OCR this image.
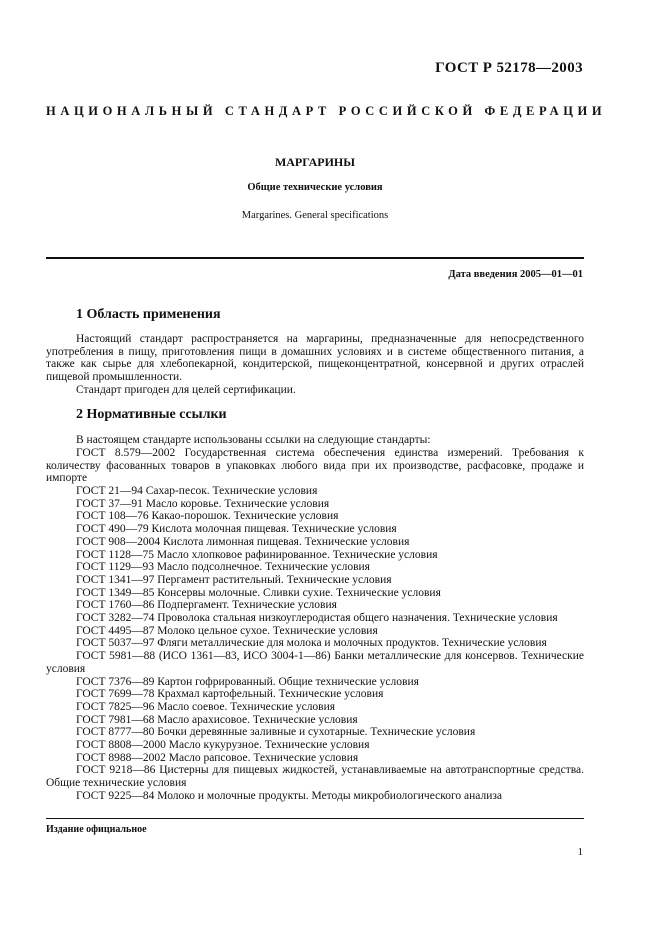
ГОСТ Р 52178—2003
НАЦИОНАЛЬНЫЙ СТАНДАРТ РОССИЙСКОЙ ФЕДЕРАЦИИ
МАРГАРИНЫ
Общие технические условия
Margarines. General specifications
Дата введения 2005—01—01
1 Область применения
Настоящий стандарт распространяется на маргарины, предназначенные для непосредственного употребления в пищу, приготовления пищи в домашних условиях и в системе общественного питания, а также как сырье для хлебопекарной, кондитерской, пищеконцентратной, консервной и других отраслей пищевой промышленности.
Стандарт пригоден для целей сертификации.
2 Нормативные ссылки
В настоящем стандарте использованы ссылки на следующие стандарты:
ГОСТ 8.579—2002 Государственная система обеспечения единства измерений. Требования к количеству фасованных товаров в упаковках любого вида при их производстве, расфасовке, продаже и импорте
ГОСТ 21—94 Сахар-песок. Технические условия
ГОСТ 37—91 Масло коровье. Технические условия
ГОСТ 108—76 Какао-порошок. Технические условия
ГОСТ 490—79 Кислота молочная пищевая. Технические условия
ГОСТ 908—2004 Кислота лимонная пищевая. Технические условия
ГОСТ 1128—75 Масло хлопковое рафинированное. Технические условия
ГОСТ 1129—93 Масло подсолнечное. Технические условия
ГОСТ 1341—97 Пергамент растительный. Технические условия
ГОСТ 1349—85 Консервы молочные. Сливки сухие. Технические условия
ГОСТ 1760—86 Подпергамент. Технические условия
ГОСТ 3282—74 Проволока стальная низкоуглеродистая общего назначения. Технические условия
ГОСТ 4495—87 Молоко цельное сухое. Технические условия
ГОСТ 5037—97 Фляги металлические для молока и молочных продуктов. Технические условия
ГОСТ 5981—88 (ИСО 1361—83, ИСО 3004-1—86) Банки металлические для консервов. Технические условия
ГОСТ 7376—89 Картон гофрированный. Общие технические условия
ГОСТ 7699—78 Крахмал картофельный. Технические условия
ГОСТ 7825—96 Масло соевое. Технические условия
ГОСТ 7981—68 Масло арахисовое. Технические условия
ГОСТ 8777—80 Бочки деревянные заливные и сухотарные. Технические условия
ГОСТ 8808—2000 Масло кукурузное. Технические условия
ГОСТ 8988—2002 Масло рапсовое. Технические условия
ГОСТ 9218—86 Цистерны для пищевых жидкостей, устанавливаемые на автотранспортные средства. Общие технические условия
ГОСТ 9225—84 Молоко и молочные продукты. Методы микробиологического анализа
Издание официальное
1
